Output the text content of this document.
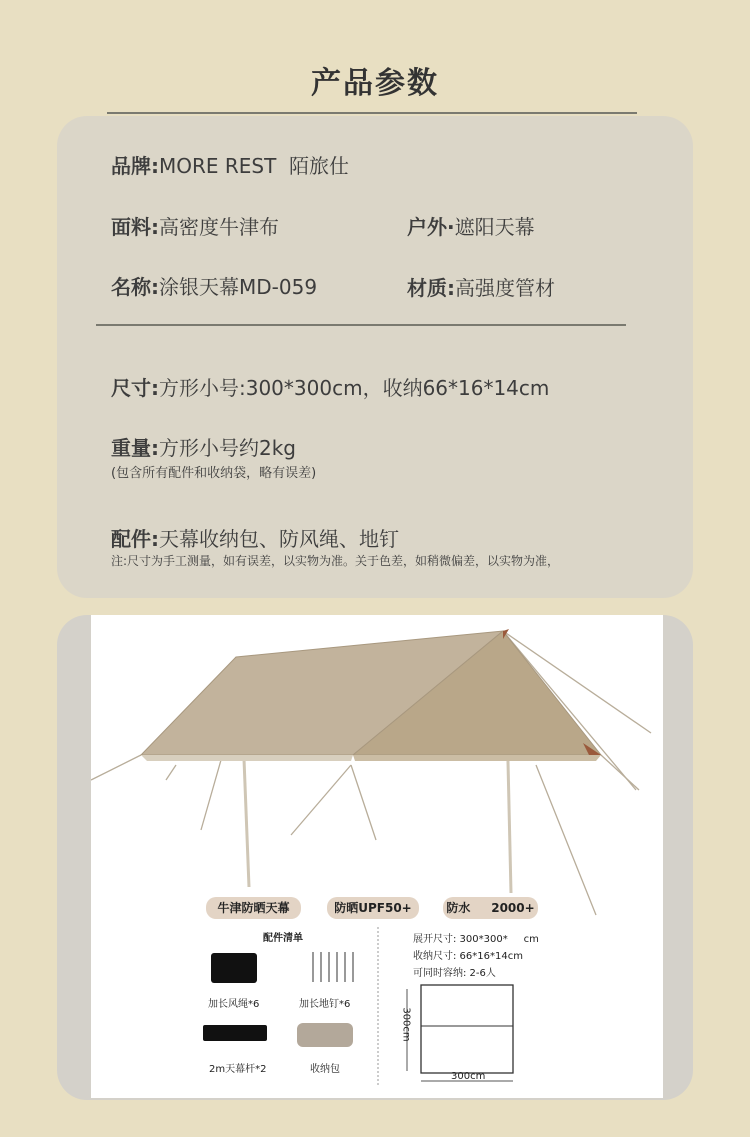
产品参数
品牌:MORE REST  陌旅仕
面料:高密度牛津布	户外·遮阳天幕
名称:涂银天幕MD-059	材质:高强度管材
尺寸:方形小号:300*300cm，收纳66*16*14cm
重量:方形小号约2kg
(包含所有配件和收纳袋，略有误差)
配件:天幕收纳包、防风绳、地钉
注:尺寸为手工测量，如有误差，以实物为准。关于色差，如稍微偏差，以实物为准，
牛津防晒天幕	防晒UPF50+	防水     2000+
配件清单
加长风绳*6	加长地钉*6
2m天幕杆*2	收纳包
展开尺寸: 300*300*     cm
收纳尺寸: 66*16*14cm
可同时容纳: 2-6人
300cm
300cm
